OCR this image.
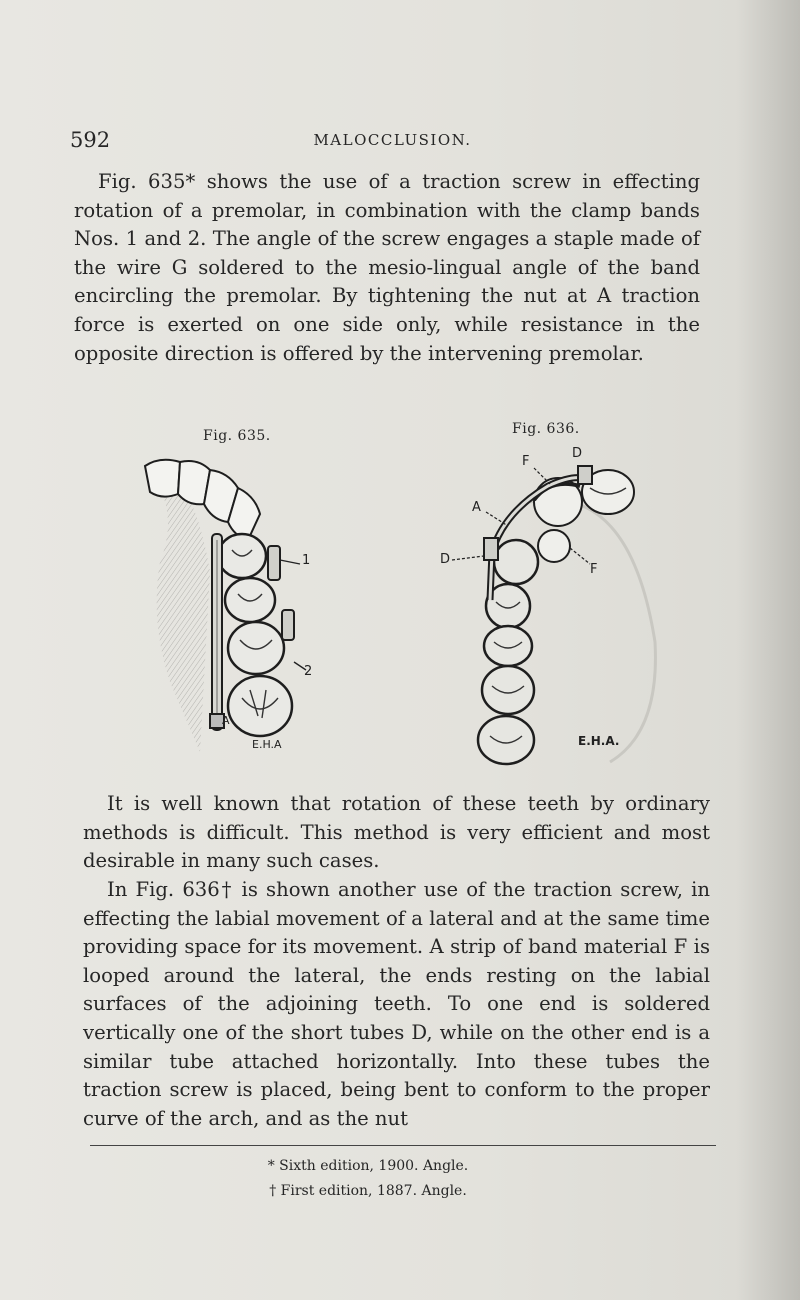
592	MALOCCLUSION.

Fig. 635* shows the use of a traction screw in effecting rotation of a premolar, in combination with the clamp bands Nos. 1 and 2. The angle of the screw engages a staple made of the wire G soldered to the mesio-lingual angle of the band encircling the premolar. By tightening the nut at A traction force is exerted on one side only, while resistance in the opposite direction is offered by the intervening premolar.

Fig. 635.	Fig. 636.
1
2
A
E.H.A
F
D
A
D
F
E.H.A.

It is well known that rotation of these teeth by ordinary methods is difficult. This method is very efficient and most desirable in many such cases.

In Fig. 636† is shown another use of the traction screw, in effecting the labial movement of a lateral and at the same time providing space for its movement. A strip of band material F is looped around the lateral, the ends resting on the labial surfaces of the adjoining teeth. To one end is soldered vertically one of the short tubes D, while on the other end is a similar tube attached horizontally. Into these tubes the traction screw is placed, being bent to conform to the proper curve of the arch, and as the nut

* Sixth edition, 1900. Angle.
† First edition, 1887. Angle.
